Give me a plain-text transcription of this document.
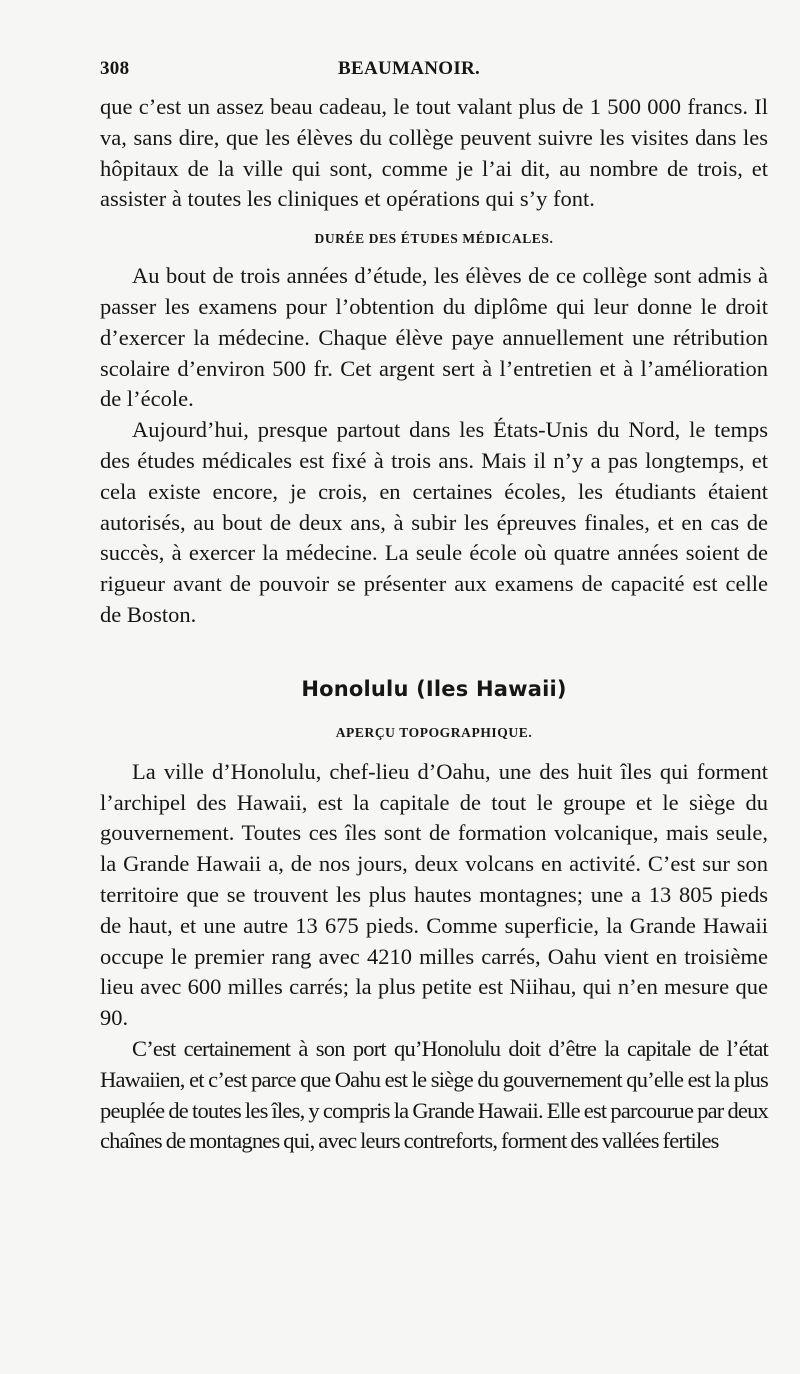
308	BEAUMANOIR.

que c’est un assez beau cadeau, le tout valant plus de 1 500 000 francs. Il va, sans dire, que les élèves du collège peuvent suivre les visites dans les hôpitaux de la ville qui sont, comme je l’ai dit, au nombre de trois, et assister à toutes les cliniques et opérations qui s’y font.

DURÉE DES ÉTUDES MÉDICALES.

Au bout de trois années d’étude, les élèves de ce collège sont admis à passer les examens pour l’obtention du diplôme qui leur donne le droit d’exercer la médecine. Chaque élève paye annuellement une rétribution scolaire d’environ 500 fr. Cet argent sert à l’entretien et à l’amélioration de l’école.

Aujourd’hui, presque partout dans les États-Unis du Nord, le temps des études médicales est fixé à trois ans. Mais il n’y a pas longtemps, et cela existe encore, je crois, en certaines écoles, les étudiants étaient autorisés, au bout de deux ans, à subir les épreuves finales, et en cas de succès, à exercer la médecine. La seule école où quatre années soient de rigueur avant de pouvoir se présenter aux examens de capacité est celle de Boston.

Honolulu (Iles Hawaii)
APERÇU TOPOGRAPHIQUE.

La ville d’Honolulu, chef-lieu d’Oahu, une des huit îles qui forment l’archipel des Hawaii, est la capitale de tout le groupe et le siège du gouvernement. Toutes ces îles sont de formation volcanique, mais seule, la Grande Hawaii a, de nos jours, deux volcans en activité. C’est sur son territoire que se trouvent les plus hautes montagnes; une a 13 805 pieds de haut, et une autre 13 675 pieds. Comme superficie, la Grande Hawaii occupe le premier rang avec 4210 milles carrés, Oahu vient en troisième lieu avec 600 milles carrés; la plus petite est Niihau, qui n’en mesure que 90.

C’est certainement à son port qu’Honolulu doit d’être la capitale de l’état Hawaiien, et c’est parce que Oahu est le siège du gouvernement qu’elle est la plus peuplée de toutes les îles, y compris la Grande Hawaii. Elle est parcourue par deux chaînes de montagnes qui, avec leurs contreforts, forment des vallées fertiles
